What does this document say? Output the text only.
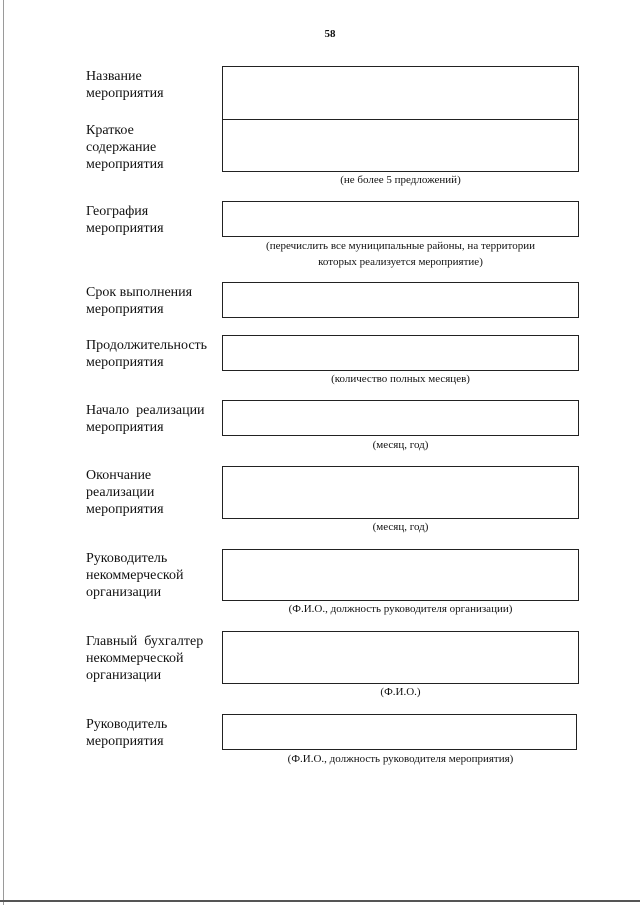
58
Название
мероприятия
Краткое
содержание
мероприятия
(не более 5 предложений)
География
мероприятия
(перечислить все муниципальные районы, на территории
которых реализуется мероприятие)
Срок выполнения
мероприятия
Продолжительность
мероприятия
(количество полных месяцев)
Начало  реализации
мероприятия
(месяц, год)
Окончание
реализации
мероприятия
(месяц, год)
Руководитель
некоммерческой
организации
(Ф.И.О., должность руководителя организации)
Главный  бухгалтер
некоммерческой
организации
(Ф.И.О.)
Руководитель
мероприятия
(Ф.И.О., должность руководителя мероприятия)
